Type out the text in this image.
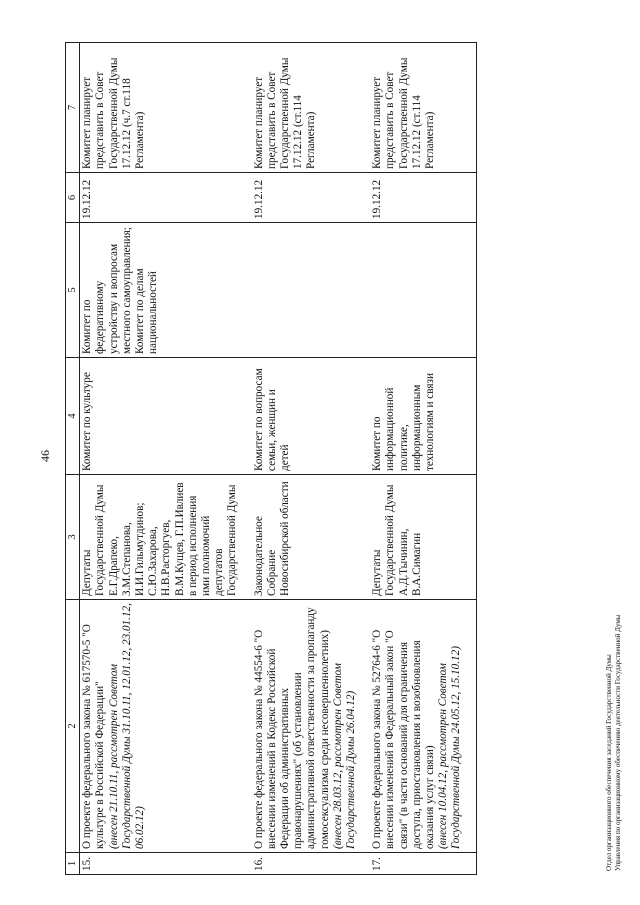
46
1	2	3	4	5	6	7
15.	О проекте федерального закона № 617570-5 "О культуре в Российской Федерации" (внесен 21.10.11, рассмотрен Советом Государственной Думы 31.10.11, 12.01.12, 23.01.12, 06.02.12)	Депутаты Государственной Думы Е.Г.Драпеко, З.М.Степанова, И.И.Гильмутдинов; С.Ю.Захарова, Н.В.Расторгуев, В.М.Кущев, Г.П.Ивлиев в период исполнения ими полномочий депутатов Государственной Думы	Комитет по культуре	Комитет по федеративному устройству и вопросам местного самоуправления; Комитет по делам национальностей	19.12.12	Комитет планирует представить в Совет Государственной Думы 17.12.12 (ч.7 ст.118 Регламента)
16.	О проекте федерального закона № 44554-6 "О внесении изменений в Кодекс Российской Федерации об административных правонарушениях" (об установлении административной ответственности за пропаганду гомосексуализма среди несовершеннолетних) (внесен 28.03.12, рассмотрен Советом Государственной Думы 26.04.12)	Законодательное Собрание Новосибирской области	Комитет по вопросам семьи, женщин и детей		19.12.12	Комитет планирует представить в Совет Государственной Думы 17.12.12 (ст.114 Регламента)
17.	О проекте федерального закона № 52764-6 "О внесении изменений в Федеральный закон "О связи" (в части оснований для ограничения доступа, приостановления и возобновления оказания услуг связи) (внесен 10.04.12, рассмотрен Советом Государственной Думы 24.05.12, 15.10.12)	Депутаты Государственной Думы А.Д.Тычинин, В.А.Симагин	Комитет по информационной политике, информационным технологиям и связи		19.12.12	Комитет планирует представить в Совет Государственной Думы 17.12.12 (ст.114 Регламента)
Отдел организационного обеспечения заседаний Государственной Думы Управления по организационному обеспечению деятельности Государственной Думы
